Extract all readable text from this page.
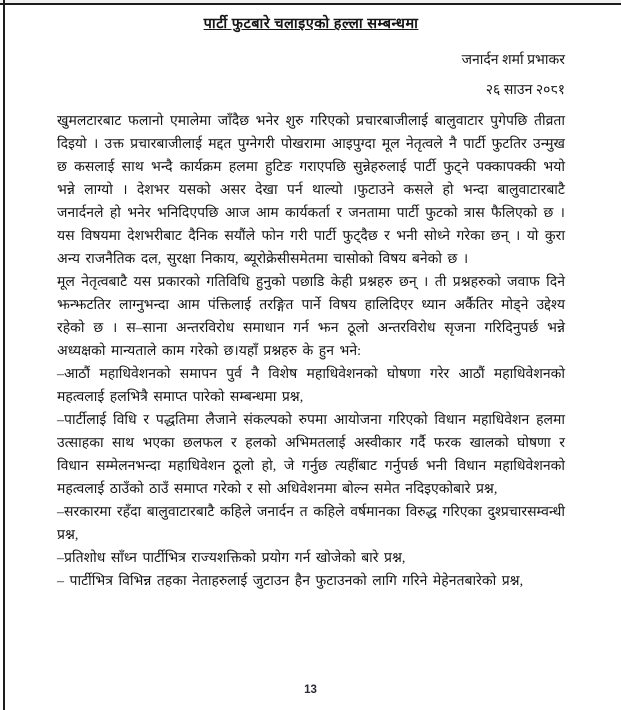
पार्टी फुटबारे चलाइएको हल्ला सम्बन्धमा
जनार्दन शर्मा प्रभाकर
२६ साउन २०८१

खुमलटारबाट फलानो एमालेमा जाँदैछ भनेर शुरु गरिएको प्रचारबाजीलाई बालुवाटार पुगेपछि तीव्रता दिइयो । उक्त प्रचारबाजीलाई मद्दत पुग्नेगरी पोखरामा आइपुग्दा मूल नेतृत्वले नै पार्टी फुटतिर उन्मुख छ कसलाई साथ भन्दै कार्यक्रम हलमा हुटिङ गराएपछि सुन्नेहरुलाई पार्टी फुट्ने पक्कापक्की भयो भन्ने लाग्यो । देशभर यसको असर देखा पर्न थाल्यो ।फुटाउने कसले हो भन्दा बालुवाटारबाटै जनार्दनले हो भनेर भनिदिएपछि आज आम कार्यकर्ता र जनतामा पार्टी फुटको त्रास फैलिएको छ । यस विषयमा देशभरीबाट दैनिक सयौंले फोन गरी पार्टी फुट्दैछ र भनी सोध्ने गरेका छन् । यो कुरा अन्य राजनैतिक दल, सुरक्षा निकाय, ब्यूरोक्रेसीसमेतमा चासोको विषय बनेको छ ।

मूल नेतृत्वबाटै यस प्रकारको गतिविधि हुनुको पछाडि केही प्रश्नहरु छन् । ती प्रश्नहरुको जवाफ दिने झन्झटतिर लाग्नुभन्दा आम पंक्तिलाई तरङ्गित पार्ने विषय हालिदिएर ध्यान अर्कैतिर मोड्ने उद्देश्य रहेको छ । स–साना अन्तरविरोध समाधान गर्न झन ठूलो अन्तरविरोध सृजना गरिदिनुपर्छ भन्ने अध्यक्षको मान्यताले काम गरेको छ।यहाँ प्रश्नहरु के हुन भने:

–आठौं महाधिवेशनको समापन पुर्व नै विशेष महाधिवेशनको घोषणा गरेर आठौं महाधिवेशनको महत्वलाई हलभित्रै समाप्त पारेको सम्बन्धमा प्रश्न,

–पार्टीलाई विधि र पद्धतिमा लैजाने संकल्पको रुपमा आयोजना गरिएको विधान महाधिवेशन हलमा उत्साहका साथ भएका छलफल र हलको अभिमतलाई अस्वीकार गर्दै फरक खालको घोषणा र विधान सम्मेलनभन्दा महाधिवेशन ठूलो हो, जे गर्नुछ त्यहींबाट गर्नुपर्छ भनी विधान महाधिवेशनको महत्वलाई ठाउँको ठाउँ समाप्त गरेको र सो अधिवेशनमा बोल्न समेत नदिइएकोबारे प्रश्न,

–सरकारमा रहँदा बालुवाटारबाटै कहिले जनार्दन त कहिले वर्षमानका विरुद्ध गरिएका दुश्प्रचारसम्वन्धी प्रश्न,

–प्रतिशोध साँध्न पार्टीभित्र राज्यशक्तिको प्रयोग गर्न खोजेको बारे प्रश्न,

– पार्टीभित्र विभिन्न तहका नेताहरुलाई जुटाउन हैन फुटाउनको लागि गरिने मेहेनतबारेको प्रश्न,

13
